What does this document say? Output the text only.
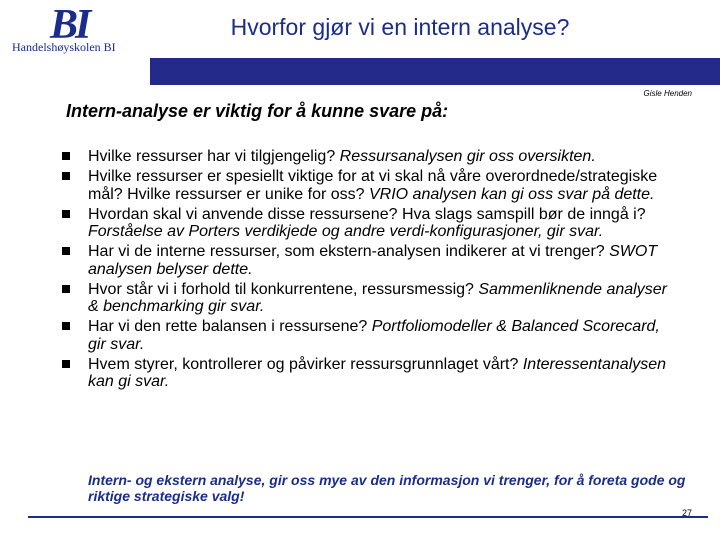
BI
Handelshøyskolen BI
Hvorfor gjør vi en intern analyse?
Gisle Henden
Intern-analyse er viktig for å kunne svare på:
Hvilke ressurser har vi tilgjengelig? Ressursanalysen gir oss oversikten.
Hvilke ressurser er spesiellt viktige for at vi skal nå våre overordnede/strategiske mål? Hvilke ressurser er unike for oss? VRIO analysen kan gi oss svar på dette.
Hvordan skal vi anvende disse ressursene? Hva slags samspill bør de inngå i? Forståelse av Porters verdikjede og andre verdi-konfigurasjoner, gir svar.
Har vi de interne ressurser, som ekstern-analysen indikerer at vi trenger? SWOT analysen belyser dette.
Hvor står vi i forhold til konkurrentene, ressursmessig? Sammenliknende analyser & benchmarking gir svar.
Har vi den rette balansen i ressursene? Portfoliomodeller & Balanced Scorecard, gir svar.
Hvem styrer, kontrollerer og påvirker ressursgrunnlaget vårt? Interessentanalysen kan gi svar.
Intern- og ekstern analyse, gir oss mye av den informasjon vi trenger, for å foreta gode og riktige strategiske valg!
27
